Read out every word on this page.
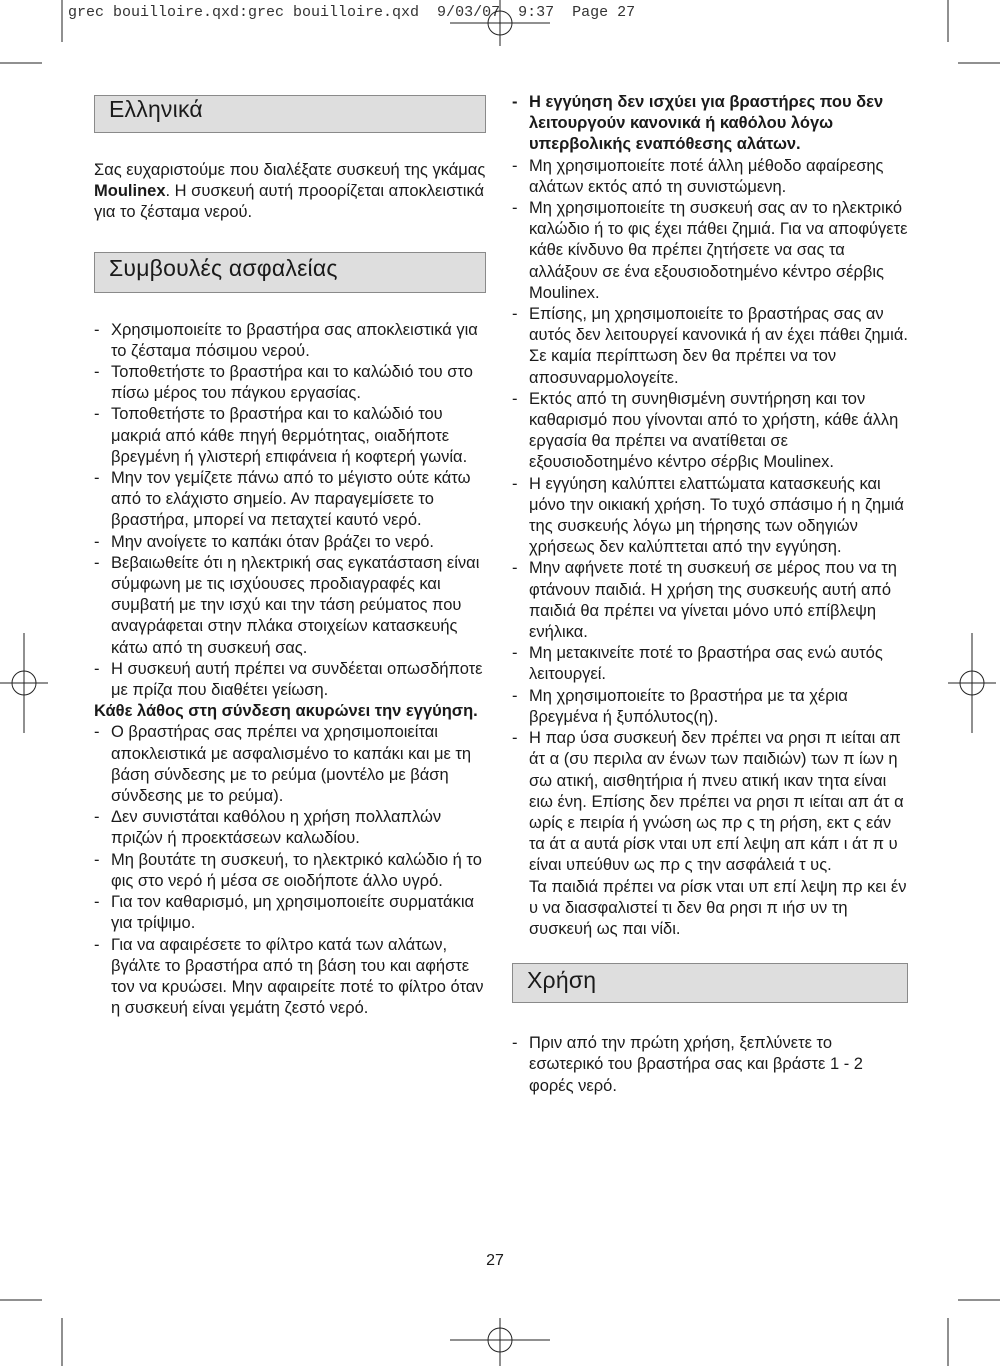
grec bouilloire.qxd:grec bouilloire.qxd  9/03/07  9:37  Page 27
Ελληνικά

Σας ευχαριστούμε που διαλέξατε συσκευή της γκάμας Moulinex. Η συσκευή αυτή προορίζεται αποκλειστικά για το ζέσταμα νερού.

Συμβουλές ασφαλείας
- Χρησιμοποιείτε το βραστήρα σας αποκλειστικά για το ζέσταμα πόσιμου νερού.
- Τοποθετήστε το βραστήρα και το καλώδιό του στο πίσω μέρος του πάγκου εργασίας.
- Τοποθετήστε το βραστήρα και το καλώδιό του μακριά από κάθε πηγή θερμότητας, οιαδήποτε βρεγμένη ή γλιστερή επιφάνεια ή κοφτερή γωνία.
- Μην τον γεμίζετε πάνω από το μέγιστο ούτε κάτω από το ελάχιστο σημείο. Αν παραγεμίσετε το βραστήρα, μπορεί να πεταχτεί καυτό νερό.
- Μην ανοίγετε το καπάκι όταν βράζει το νερό.
- Βεβαιωθείτε ότι η ηλεκτρική σας εγκατάσταση είναι σύμφωνη με τις ισχύουσες προδιαγραφές και συμβατή με την ισχύ και την τάση ρεύματος που αναγράφεται στην πλάκα στοιχείων κατασκευής κάτω από τη συσκευή σας.
- Η συσκευή αυτή πρέπει να συνδέεται οπωσδήποτε με πρίζα που διαθέτει γείωση.
Κάθε λάθος στη σύνδεση ακυρώνει την εγγύηση.
- Ο βραστήρας σας πρέπει να χρησιμοποιείται αποκλειστικά με ασφαλισμένο το καπάκι και με τη βάση σύνδεσης με το ρεύμα (μοντέλο με βάση σύνδεσης με το ρεύμα).
- Δεν συνιστάται καθόλου η χρήση πολλαπλών πριζών ή προεκτάσεων καλωδίου.
- Μη βουτάτε τη συσκευή, το ηλεκτρικό καλώδιο ή το φις στο νερό ή μέσα σε οιοδήποτε άλλο υγρό.
- Για τον καθαρισμό, μη χρησιμοποιείτε συρματάκια για τρίψιμο.
- Για να αφαιρέσετε το φίλτρο κατά των αλάτων, βγάλτε το βραστήρα από τη βάση του και αφήστε τον να κρυώσει. Μην αφαιρείτε ποτέ το φίλτρο όταν η συσκευή είναι γεμάτη ζεστό νερό.
- Η εγγύηση δεν ισχύει για βραστήρες που δεν λειτουργούν κανονικά ή καθόλου λόγω υπερβολικής εναπόθεσης αλάτων.
- Μη χρησιμοποιείτε ποτέ άλλη μέθοδο αφαίρεσης αλάτων εκτός από τη συνιστώμενη.
- Μη χρησιμοποιείτε τη συσκευή σας αν το ηλεκτρικό καλώδιο ή το φις έχει πάθει ζημιά. Για να αποφύγετε κάθε κίνδυνο θα πρέπει ζητήσετε να σας τα αλλάξουν σε ένα εξουσιοδοτημένο κέντρο σέρβις Moulinex.
- Επίσης, μη χρησιμοποιείτε το βραστήρας σας αν αυτός δεν λειτουργεί κανονικά ή αν έχει πάθει ζημιά. Σε καμία περίπτωση δεν θα πρέπει να τον αποσυναρμολογείτε.
- Εκτός από τη συνηθισμένη συντήρηση και τον καθαρισμό που γίνονται από το χρήστη, κάθε άλλη εργασία θα πρέπει να ανατίθεται σε εξουσιοδοτημένο κέντρο σέρβις Moulinex.
- Η εγγύηση καλύπτει ελαττώματα κατασκευής και μόνο την οικιακή χρήση. Το τυχό σπάσιμο ή η ζημιά της συσκευής λόγω μη τήρησης των οδηγιών χρήσεως δεν καλύπτεται από την εγγύηση.
- Μην αφήνετε ποτέ τη συσκευή σε μέρος που να τη φτάνουν παιδιά. Η χρήση της συσκευής αυτή από παιδιά θα πρέπει να γίνεται μόνο υπό επίβλεψη ενήλικα.
- Μη μετακινείτε ποτέ το βραστήρα σας ενώ αυτός λειτουργεί.
- Μη χρησιμοποιείτε το βραστήρα με τα χέρια βρεγμένα ή ξυπόλυτος(η).
- Η παρ ύσα συσκευή δεν πρέπει να ρησι π ιείται απ άτ α (συ περιλα αν ένων των παιδιών) των π ίων η σω ατική, αισθητήρια ή πνευ ατική ικαν τητα είναι ειω ένη. Επίσης δεν πρέπει να ρησι π ιείται απ άτ α ωρίς ε πειρία ή γνώση ως πρ ς τη ρήση, εκτ ς εάν τα άτ α αυτά ρίσκ νται υπ επί λεψη απ κάπ ι άτ π υ είναι υπεύθυν ως πρ ς την ασφάλειά τ υς.
Τα παιδιά πρέπει να ρίσκ νται υπ επί λεψη πρ κει έν υ να διασφαλιστεί τι δεν θα ρησι π ιήσ υν τη συσκευή ως παι νίδι.
Χρήση
- Πριν από την πρώτη χρήση, ξεπλύνετε το εσωτερικό του βραστήρα σας και βράστε 1 - 2 φορές νερό.
27
